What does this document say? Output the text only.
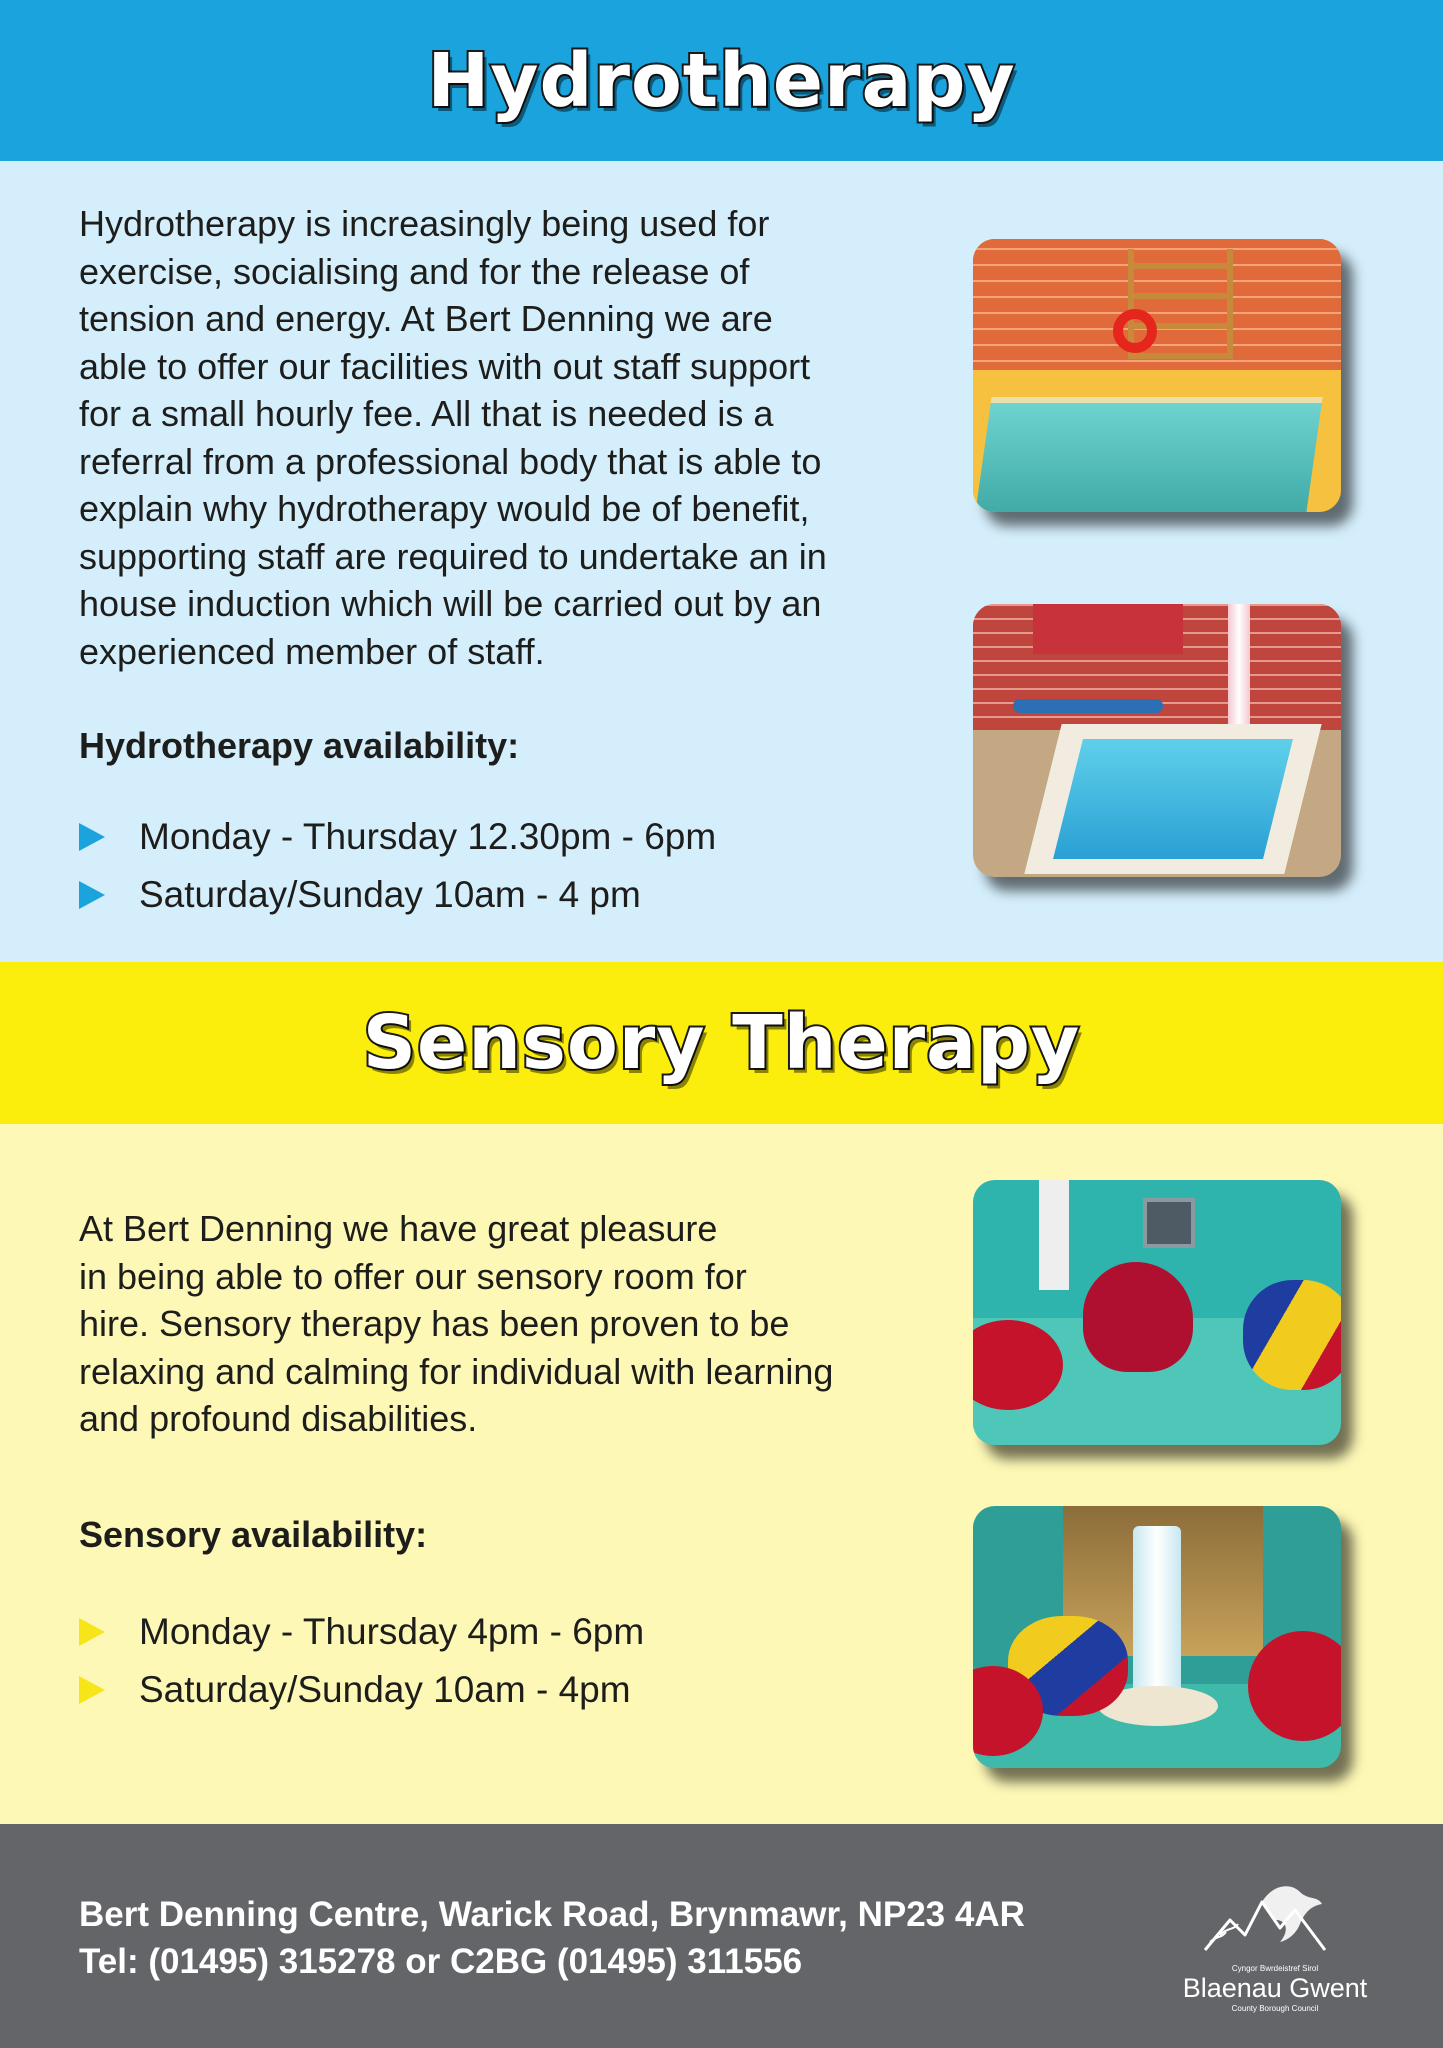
Hydrotherapy

Hydrotherapy is increasingly being used for
exercise, socialising and for the release of
tension and energy. At Bert Denning we are
able to offer our facilities with out staff support
for a small hourly fee. All that is needed is a
referral from a professional body that is able to
explain why hydrotherapy would be of benefit,
supporting staff are required to undertake an in
house induction which will be carried out by an
experienced member of staff.

Hydrotherapy availability:
Monday - Thursday 12.30pm - 6pm
Saturday/Sunday 10am - 4 pm
Sensory Therapy

At Bert Denning we have great pleasure
in being able to offer our sensory room for
hire. Sensory therapy has been proven to be
relaxing and calming for individual with learning
and profound disabilities.

Sensory availability:
Monday - Thursday 4pm - 6pm
Saturday/Sunday 10am - 4pm
Bert Denning Centre, Warick Road, Brynmawr, NP23 4AR
Tel: (01495) 315278 or C2BG (01495) 311556	Cyngor Bwrdeistref Sirol
Blaenau Gwent
County Borough Council
